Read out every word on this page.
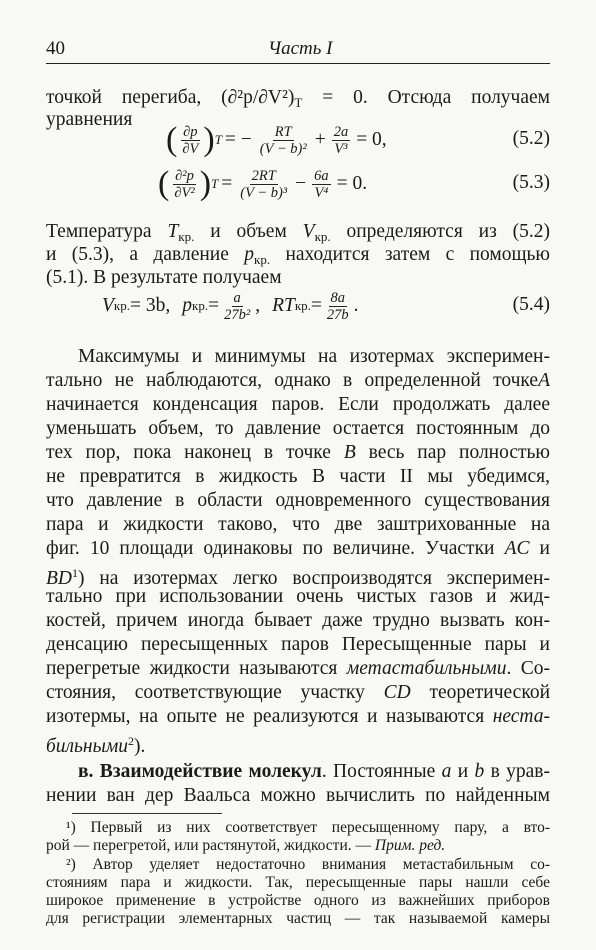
40	Часть I
точкой перегиба, $(\partial^2p/\partial V^2)_T = 0$. Отсюда получаем
уравнения
( ∂p
∂V ) T = − $\frac{RT}{\text{(V − b)²}} + \frac{2a}{\text{V³}} = 0$,	(5.2)
( ∂²p
∂V² ) $T = \frac{2RT}{\text{(V − b)³}} - \frac{6a}{\text{V⁴}} = 0$.	(5.3)
Температура $T_{кр.}$ и объем $V_{кр.}$ определяются из (5.2)
и (5.3), а давление $p_{кр.}$ находится затем с помощью
(5.1). В результате получаем
V кр. = 3b, p кр. = $\frac{a}{\text{27b²}}$ , RT кр. = $\frac{8a}{27b}$ .	(5.4)
Максимумы и минимумы на изотермах эксперимен-
тально не наблюдаются, однако в определенной точкеA
начинается конденсация паров. Если продолжать далее
уменьшать объем, то давление остается постоянным до
тех пор, пока наконец в точке B весь пар полностью
не превратится в жидкость В части II мы убедимся,
что давление в области одновременного существования
пара и жидкости таково, что две заштрихованные на
фиг. 10 площади одинаковы по величине. Участки AC и
$BD^1$) на изотермах легко воспроизводятся эксперимен-
тально при использовании очень чистых газов и жид-
костей, причем иногда бывает даже трудно вызвать кон-
денсацию пересыщенных паров Пересыщенные пары и
перегретые жидкости называются метастабильными. Со-
стояния, соответствующие участку CD теоретической
изотермы, на опыте не реализуются и называются неста-
бильными$^2$).
в. Взаимодействие молекул. Постоянные a и b в урав-
нении ван дер Ваальса можно вычислить по найденным
¹) Первый из них соответствует пересыщенному пару, а вто-
рой — перегретой, или растянутой, жидкости. — Прим. ред.
²) Автор уделяет недостаточно внимания метастабильным со-
стояниям пара и жидкости. Так, пересыщенные пары нашли себе
широкое применение в устройстве одного из важнейших приборов
для регистрации элементарных частиц — так называемой камеры
